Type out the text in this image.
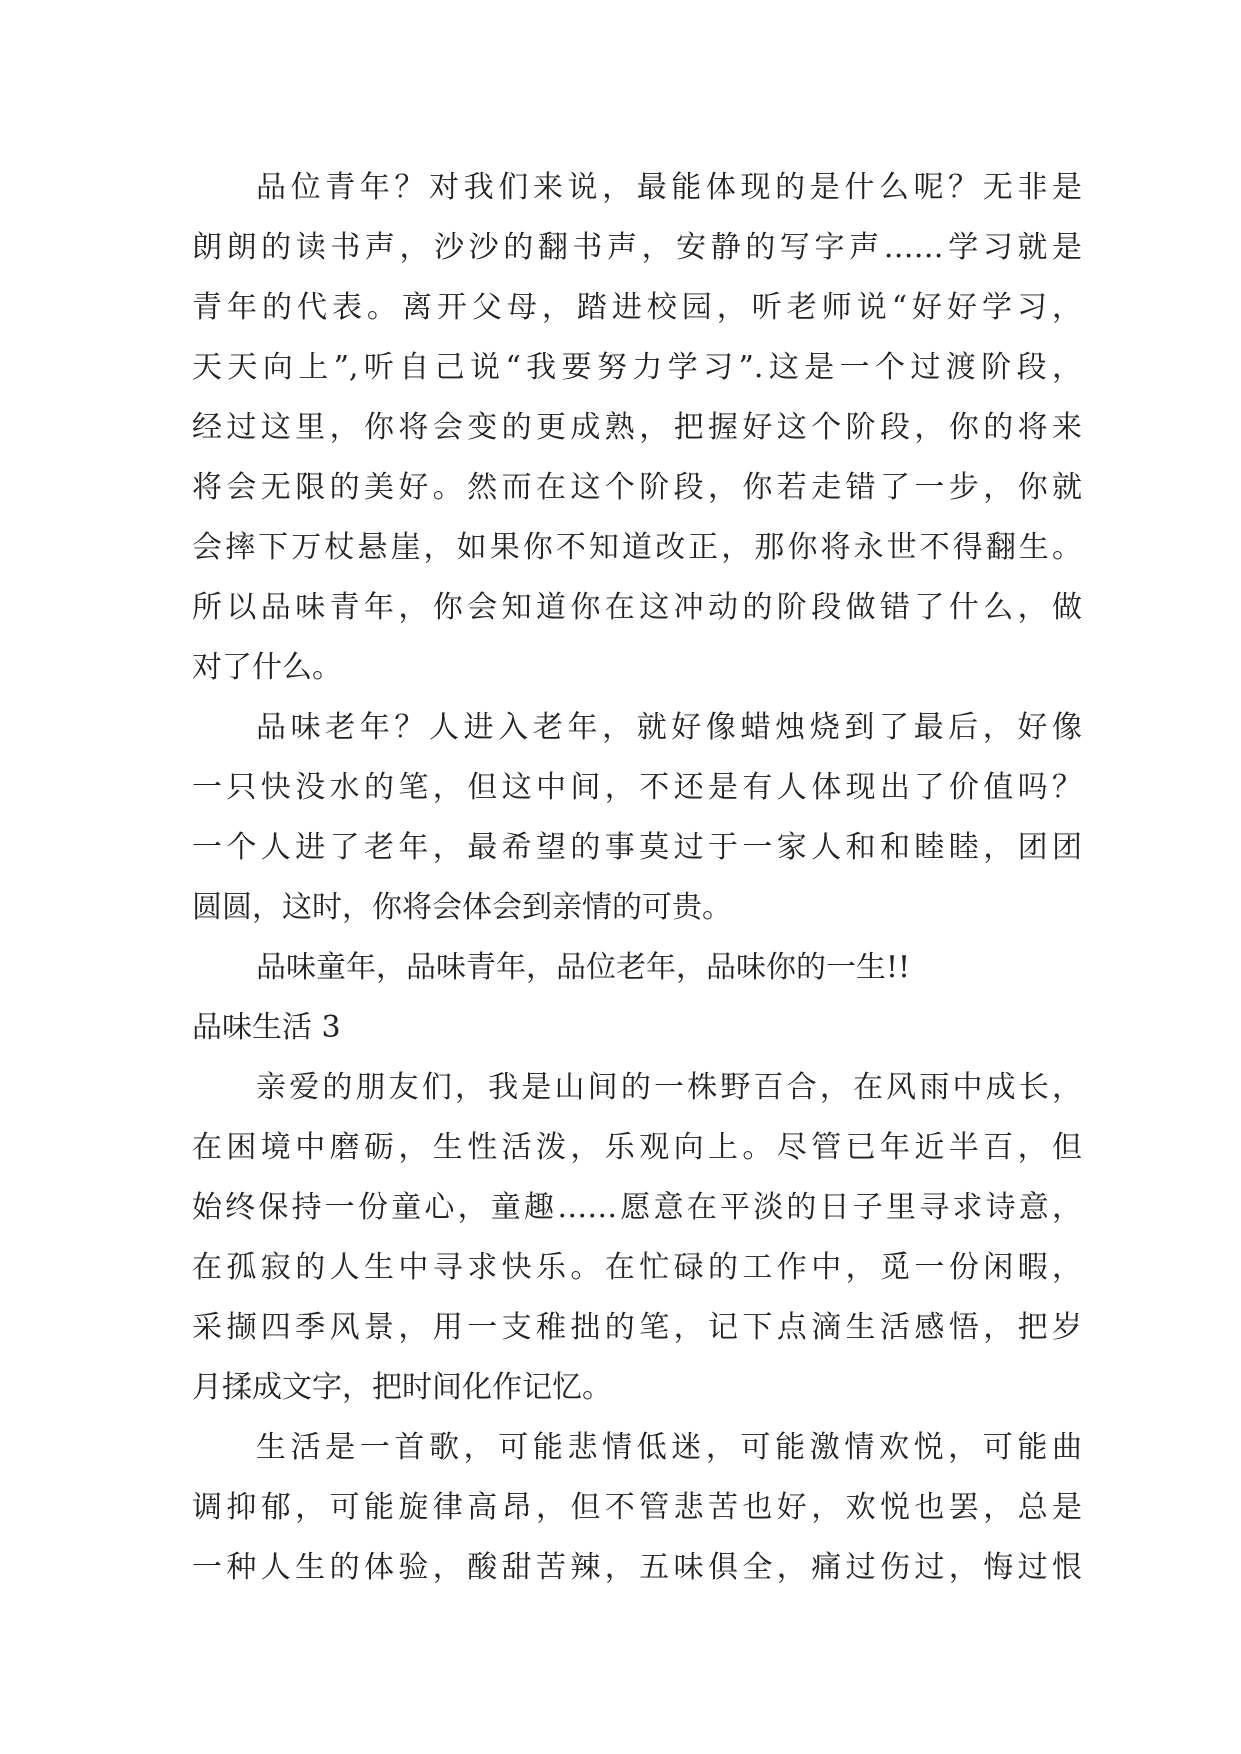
品位青年？对我们来说，最能体现的是什么呢？无非是
朗朗的读书声，沙沙的翻书声，安静的写字声……学习就是
青年的代表。离开父母，踏进校园，听老师说“好好学习，
天天向上”,听自己说“我要努力学习”.这是一个过渡阶段，
经过这里，你将会变的更成熟，把握好这个阶段，你的将来
将会无限的美好。然而在这个阶段，你若走错了一步，你就
会摔下万杖悬崖，如果你不知道改正，那你将永世不得翻生。
所以品味青年，你会知道你在这冲动的阶段做错了什么，做
对了什么。
品味老年？人进入老年，就好像蜡烛烧到了最后，好像
一只快没水的笔，但这中间，不还是有人体现出了价值吗？
一个人进了老年，最希望的事莫过于一家人和和睦睦，团团
圆圆，这时，你将会体会到亲情的可贵。
品味童年，品味青年，品位老年，品味你的一生!!
品味生活 3
亲爱的朋友们，我是山间的一株野百合，在风雨中成长，
在困境中磨砺，生性活泼，乐观向上。尽管已年近半百，但
始终保持一份童心，童趣……愿意在平淡的日子里寻求诗意，
在孤寂的人生中寻求快乐。在忙碌的工作中，觅一份闲暇，
采撷四季风景，用一支稚拙的笔，记下点滴生活感悟，把岁
月揉成文字，把时间化作记忆。
生活是一首歌，可能悲情低迷，可能激情欢悦，可能曲
调抑郁，可能旋律高昂，但不管悲苦也好，欢悦也罢，总是
一种人生的体验，酸甜苦辣，五味俱全，痛过伤过，悔过恨
